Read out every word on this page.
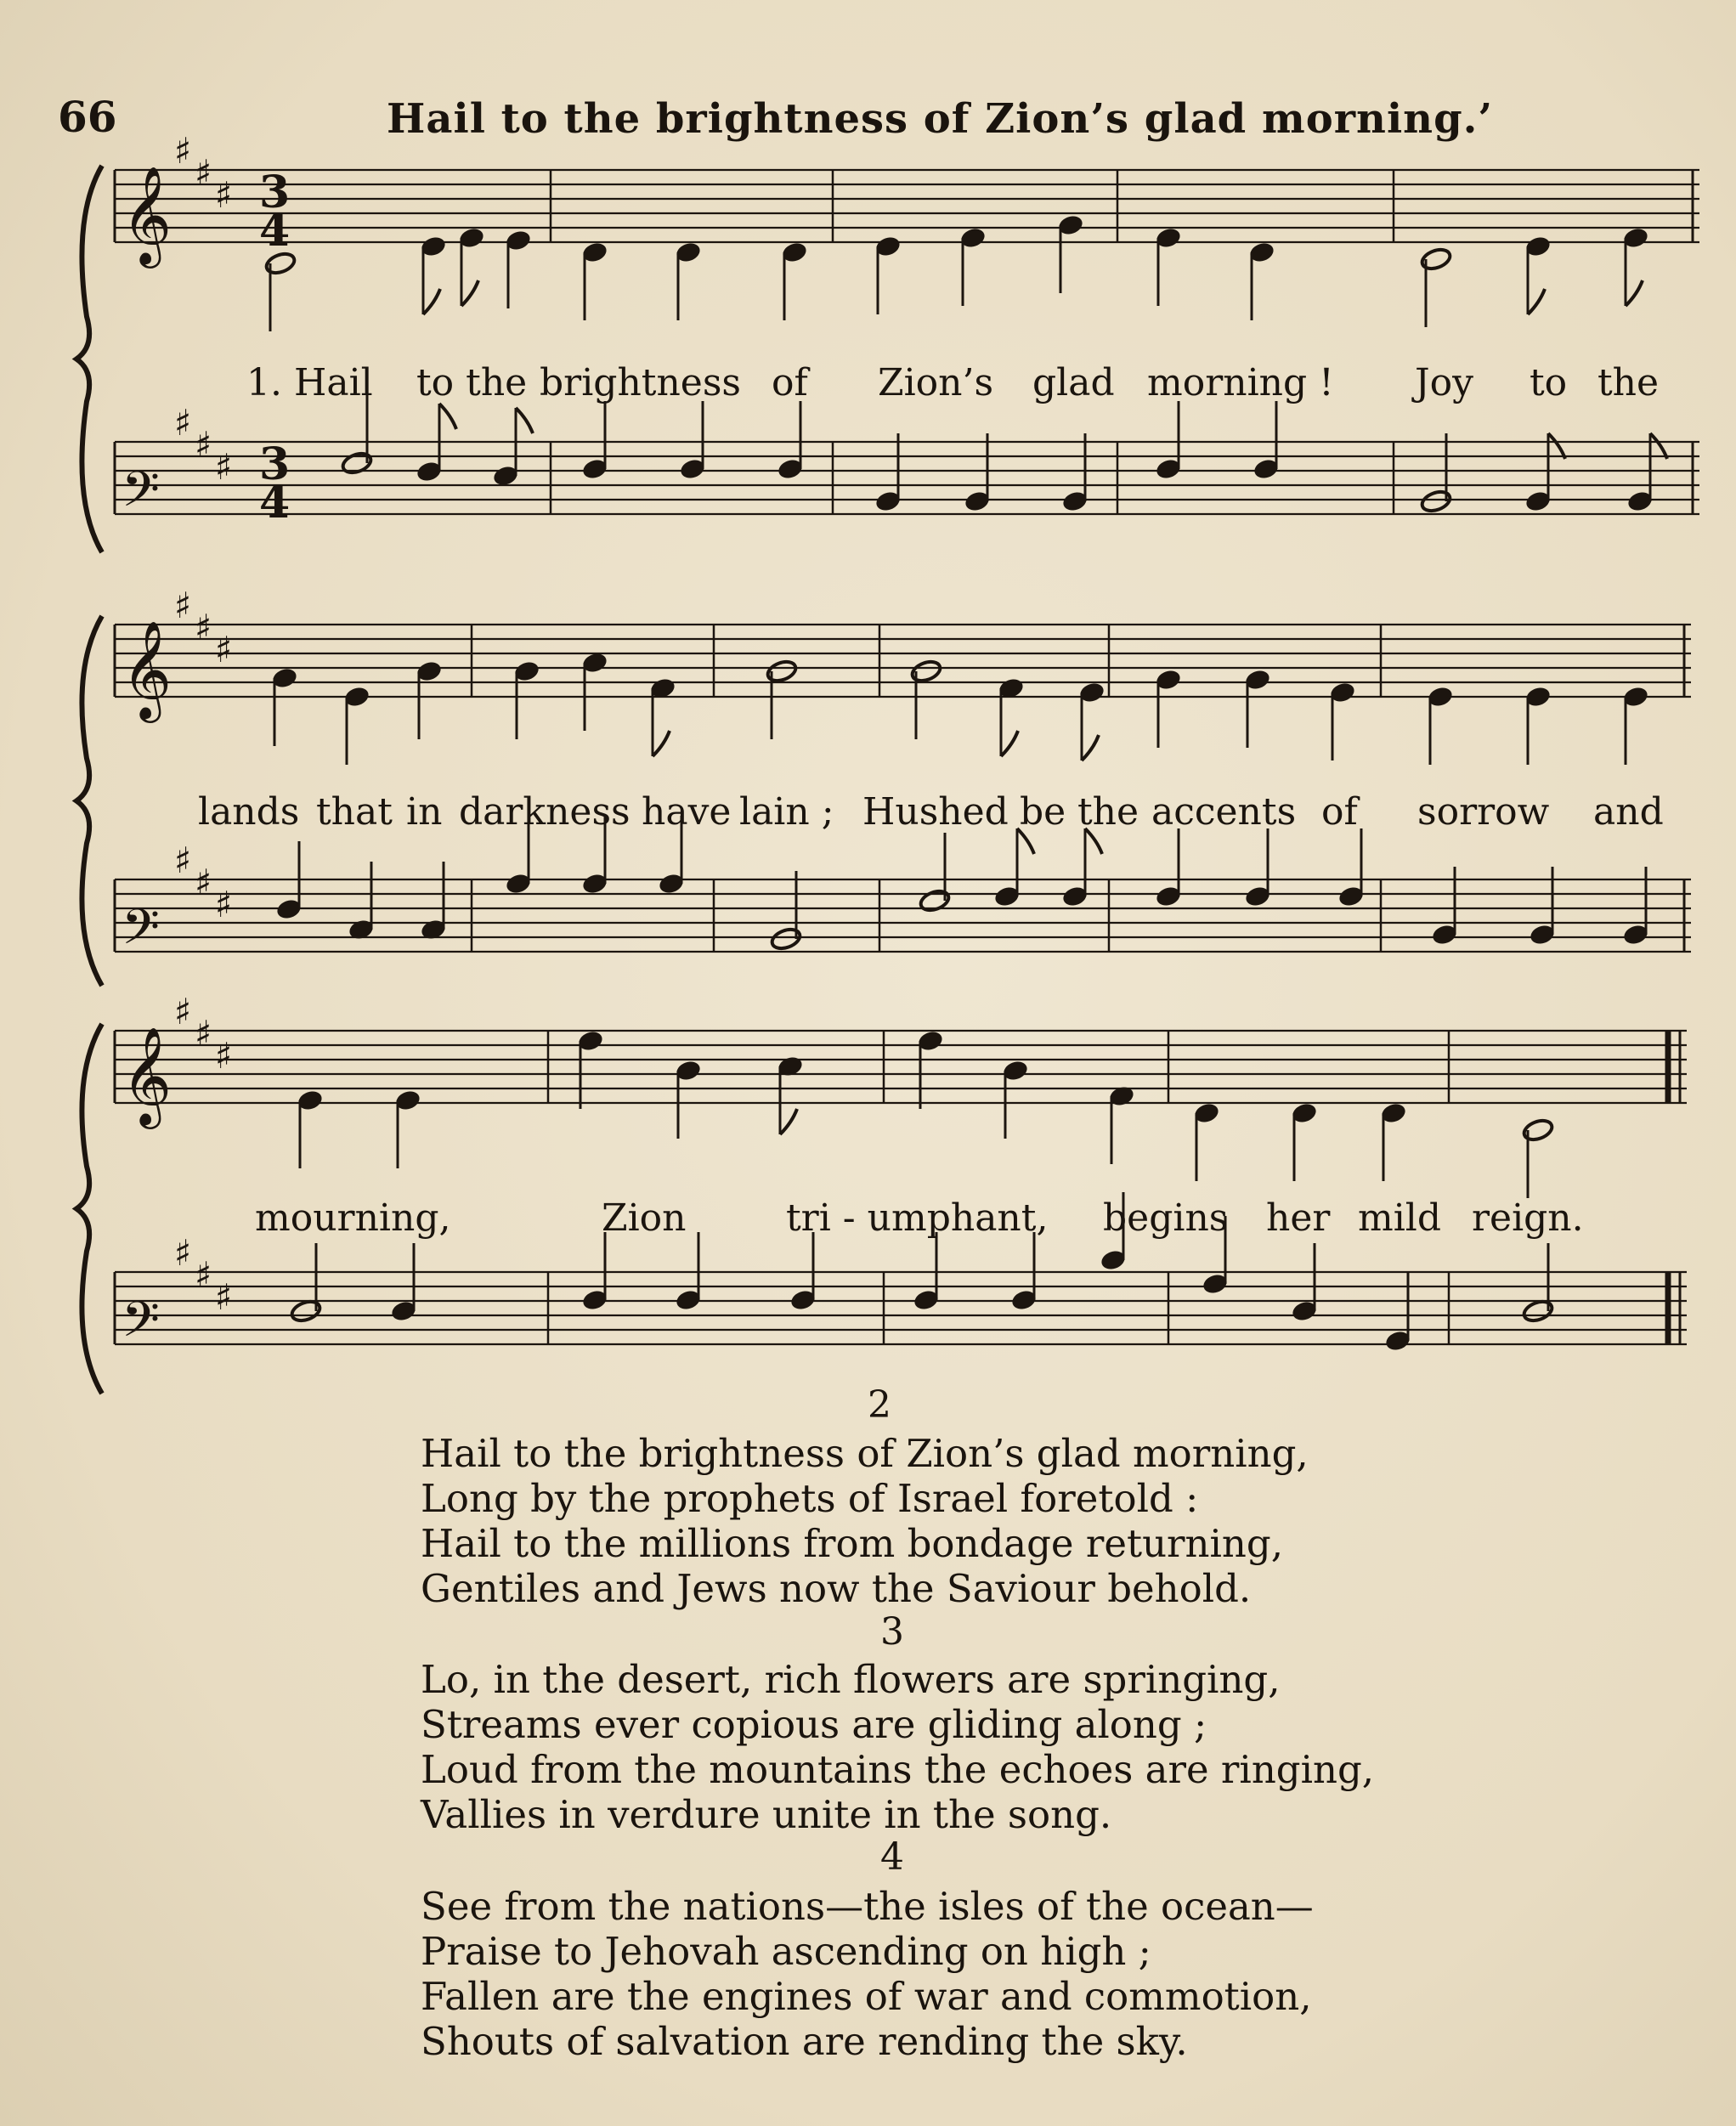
66	Hail to the brightness of Zion’s glad morning.’
𝄞
♯
♯
♯ 3
4
𝄢
♯
♯
♯ 3
4
𝄞
♯
♯
♯
𝄢
♯
♯
♯
𝄞
♯
♯
♯
𝄢
♯
♯
♯
1. Hail to the brightness of Zion’s glad morning ! Joy to the
lands that in darkness have lain ; Hushed be the accents of sorrow and
mourning,	Zion	tri - umphant, begins her mild reign.
2
Hail to the brightness of Zion’s glad morning,
Long by the prophets of Israel foretold :
Hail to the millions from bondage returning,
Gentiles and Jews now the Saviour behold.
3
Lo, in the desert, rich flowers are springing,
Streams ever copious are gliding along ;
Loud from the mountains the echoes are ringing,
Vallies in verdure unite in the song.
4
See from the nations—the isles of the ocean—
Praise to Jehovah ascending on high ;
Fallen are the engines of war and commotion,
Shouts of salvation are rending the sky.
